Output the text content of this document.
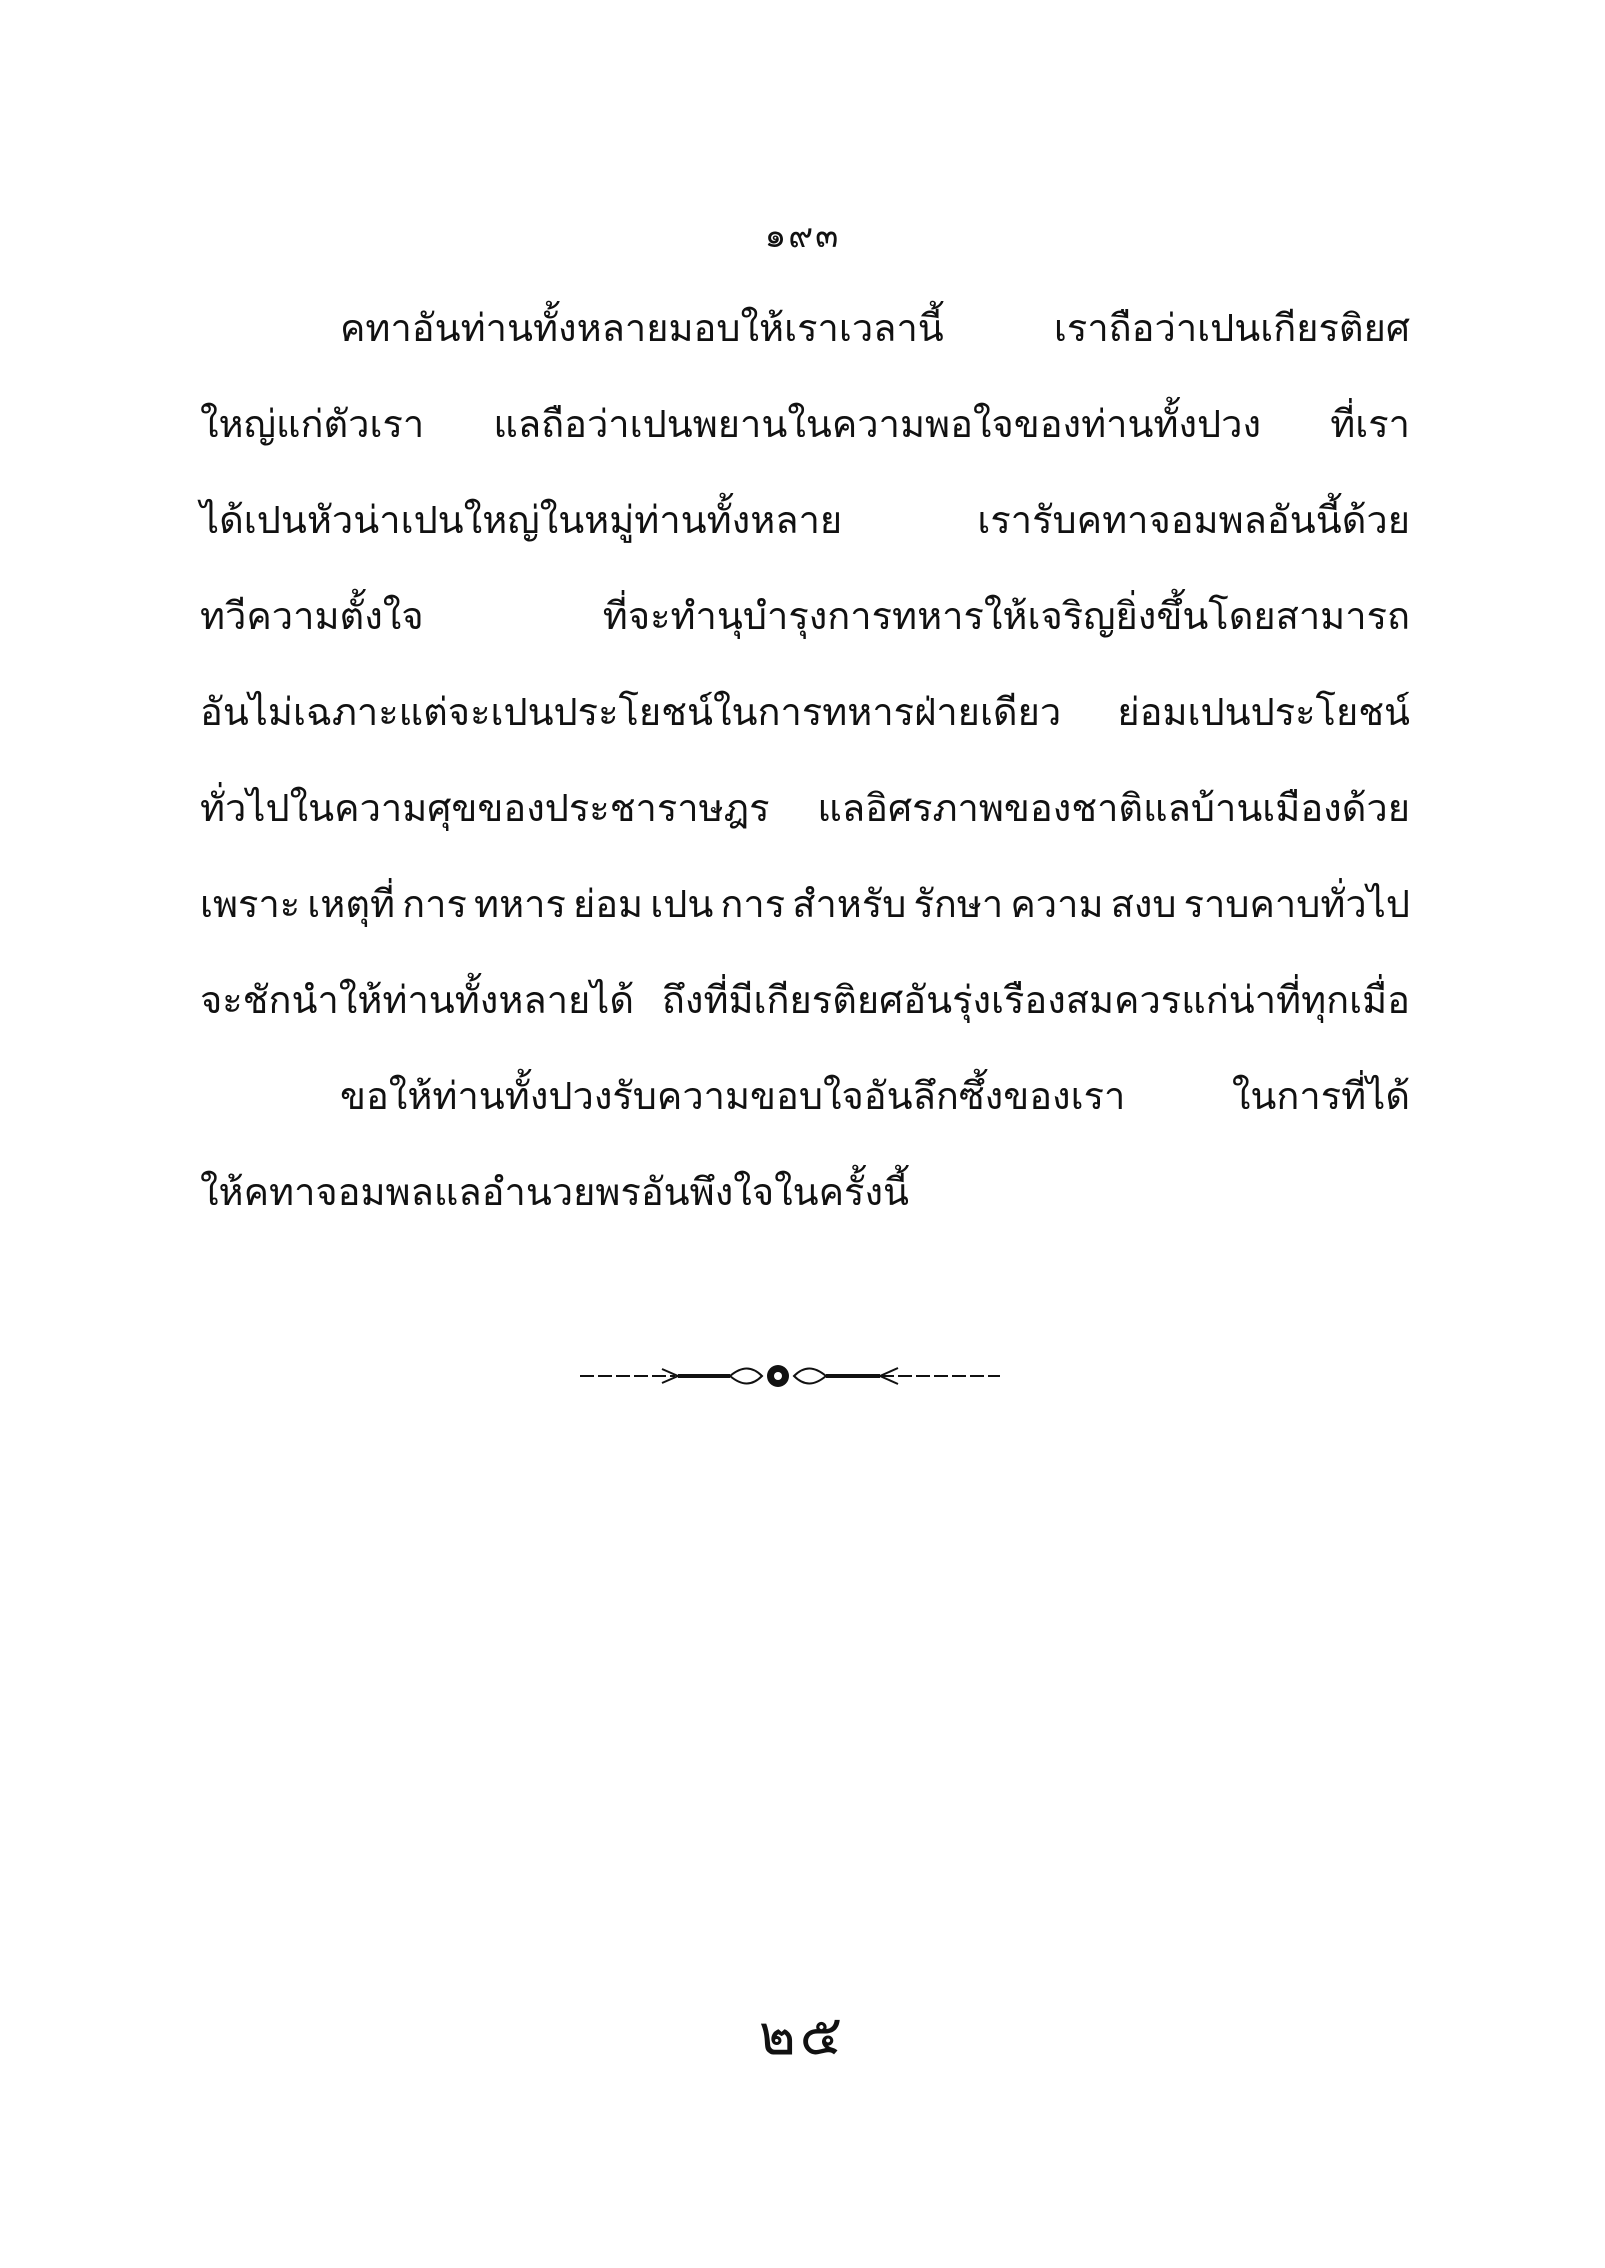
๑๙๓
คทาอันท่านทั้งหลายมอบให้เราเวลานี้	เราถือว่าเปนเกียรติยศ
ใหญ่แก่ตัวเรา แลถือว่าเปนพยานในความพอใจของท่านทั้งปวง ที่เรา
ได้เปนหัวน่าเปนใหญ่ในหมู่ท่านทั้งหลาย	เรารับคทาจอมพลอันนี้ด้วย
ทวีความตั้งใจ	ที่จะทำนุบำรุงการทหารให้เจริญยิ่งขึ้นโดยสามารถ
อันไม่เฉภาะแต่จะเปนประโยชน์ในการทหารฝ่ายเดียว ย่อมเปนประโยชน์
ทั่วไปในความศุขของประชาราษฎร แลอิศรภาพของชาติแลบ้านเมืองด้วย
เพราะ เหตุที่ การ ทหาร ย่อม เปน การ สำหรับ รักษา ความ สงบ ราบคาบทั่วไป
จะชักนำให้ท่านทั้งหลายได้ ถึงที่มีเกียรติยศอันรุ่งเรืองสมควรแก่น่าที่ทุกเมื่อ
ขอให้ท่านทั้งปวงรับความขอบใจอันลึกซึ้งของเรา	ในการที่ได้
ให้คทาจอมพลแลอำนวยพรอันพึงใจในครั้งนี้
๒๕
